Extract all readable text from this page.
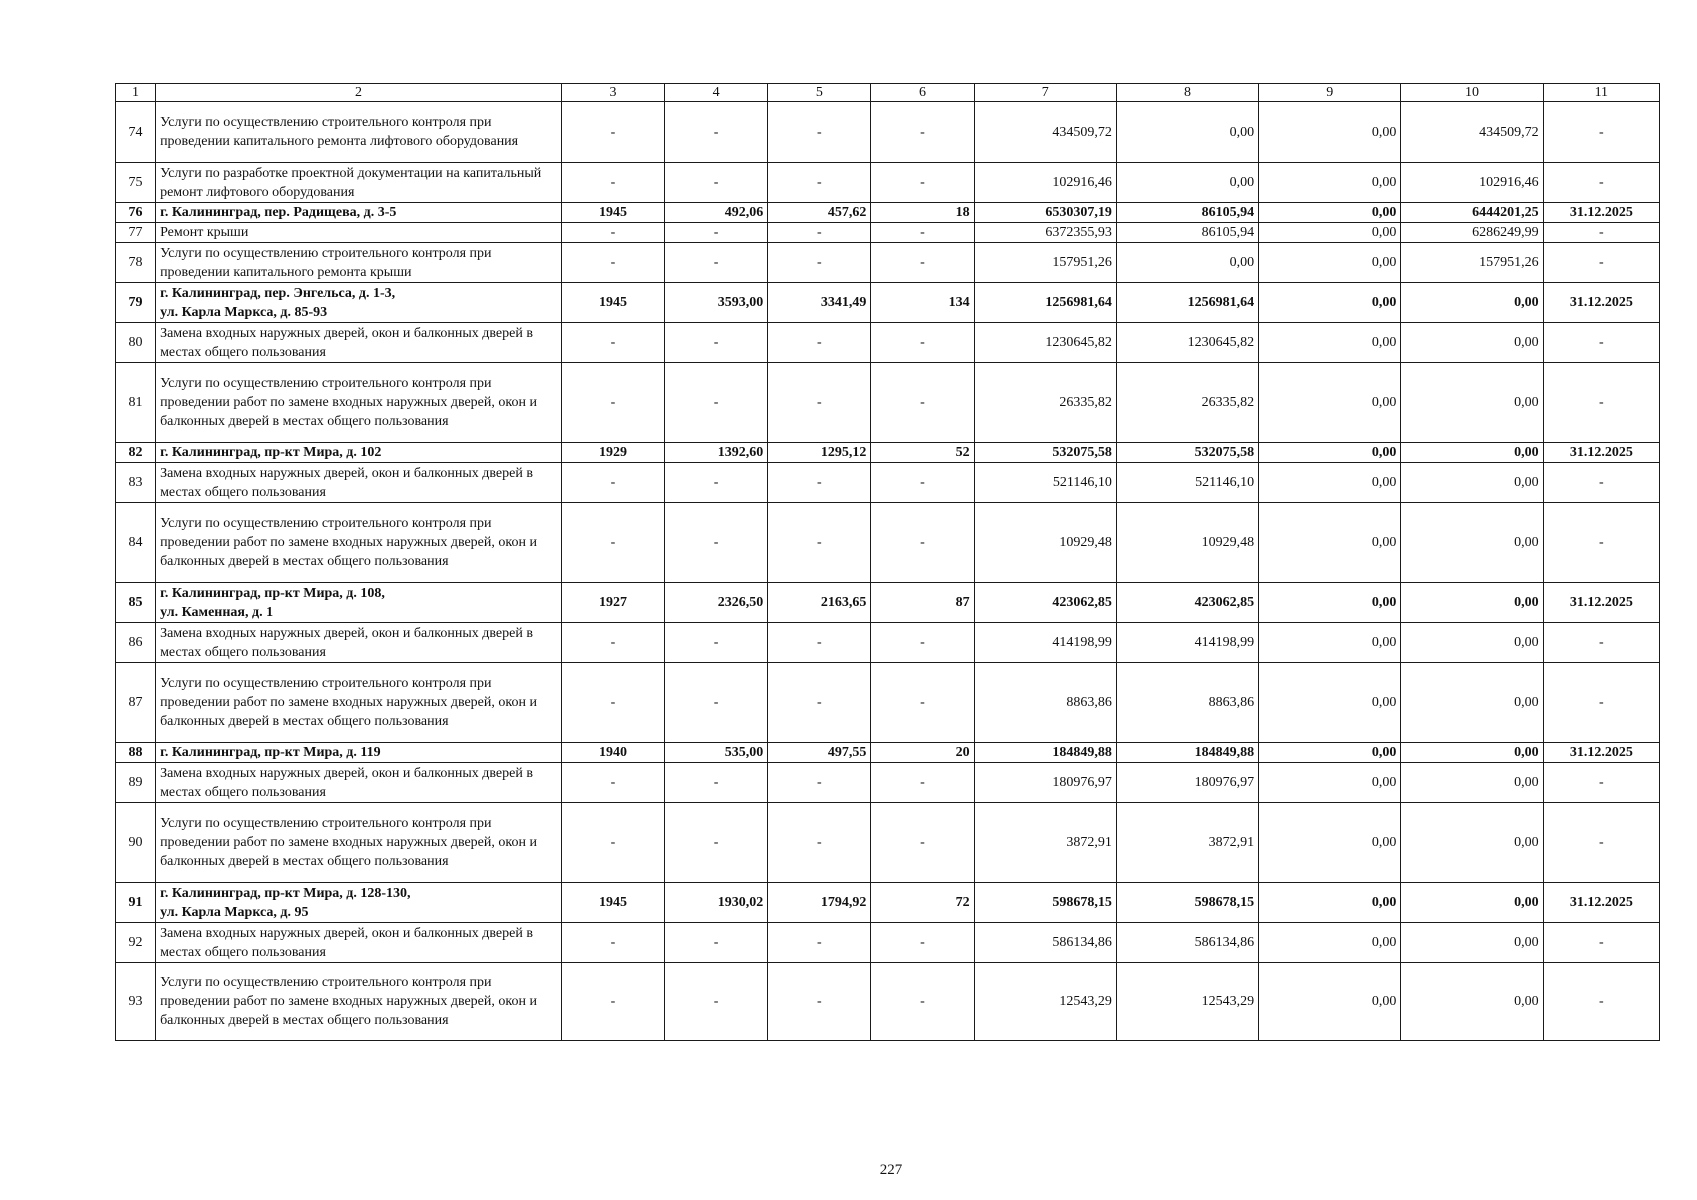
1	2	3	4	5	6	7	8	9	10	11
74	Услуги по осуществлению строительного контроля при проведении капитального ремонта лифтового оборудования	-	-	-	-	434509,72	0,00	0,00	434509,72	-
75	Услуги по разработке проектной документации на капитальный ремонт лифтового оборудования	-	-	-	-	102916,46	0,00	0,00	102916,46	-
76	г. Калининград, пер. Радищева, д. 3-5	1945	492,06	457,62	18	6530307,19	86105,94	0,00	6444201,25	31.12.2025
77	Ремонт крыши	-	-	-	-	6372355,93	86105,94	0,00	6286249,99	-
78	Услуги по осуществлению строительного контроля при проведении капитального ремонта крыши	-	-	-	-	157951,26	0,00	0,00	157951,26	-
79	г. Калининград, пер. Энгельса, д. 1-3,
ул. Карла Маркса, д. 85-93	1945	3593,00	3341,49	134	1256981,64	1256981,64	0,00	0,00	31.12.2025
80	Замена входных наружных дверей, окон и балконных дверей в местах общего пользования	-	-	-	-	1230645,82	1230645,82	0,00	0,00	-
81	Услуги по осуществлению строительного контроля при проведении работ по замене входных наружных дверей, окон и балконных дверей в местах общего пользования	-	-	-	-	26335,82	26335,82	0,00	0,00	-
82	г. Калининград, пр-кт Мира, д. 102	1929	1392,60	1295,12	52	532075,58	532075,58	0,00	0,00	31.12.2025
83	Замена входных наружных дверей, окон и балконных дверей в местах общего пользования	-	-	-	-	521146,10	521146,10	0,00	0,00	-
84	Услуги по осуществлению строительного контроля при проведении работ по замене входных наружных дверей, окон и балконных дверей в местах общего пользования	-	-	-	-	10929,48	10929,48	0,00	0,00	-
85	г. Калининград, пр-кт Мира, д. 108,
ул. Каменная, д. 1	1927	2326,50	2163,65	87	423062,85	423062,85	0,00	0,00	31.12.2025
86	Замена входных наружных дверей, окон и балконных дверей в местах общего пользования	-	-	-	-	414198,99	414198,99	0,00	0,00	-
87	Услуги по осуществлению строительного контроля при проведении работ по замене входных наружных дверей, окон и балконных дверей в местах общего пользования	-	-	-	-	8863,86	8863,86	0,00	0,00	-
88	г. Калининград, пр-кт Мира, д. 119	1940	535,00	497,55	20	184849,88	184849,88	0,00	0,00	31.12.2025
89	Замена входных наружных дверей, окон и балконных дверей в местах общего пользования	-	-	-	-	180976,97	180976,97	0,00	0,00	-
90	Услуги по осуществлению строительного контроля при проведении работ по замене входных наружных дверей, окон и балконных дверей в местах общего пользования	-	-	-	-	3872,91	3872,91	0,00	0,00	-
91	г. Калининград, пр-кт Мира, д. 128-130,
ул. Карла Маркса, д. 95	1945	1930,02	1794,92	72	598678,15	598678,15	0,00	0,00	31.12.2025
92	Замена входных наружных дверей, окон и балконных дверей в местах общего пользования	-	-	-	-	586134,86	586134,86	0,00	0,00	-
93	Услуги по осуществлению строительного контроля при проведении работ по замене входных наружных дверей, окон и балконных дверей в местах общего пользования	-	-	-	-	12543,29	12543,29	0,00	0,00	-
227
